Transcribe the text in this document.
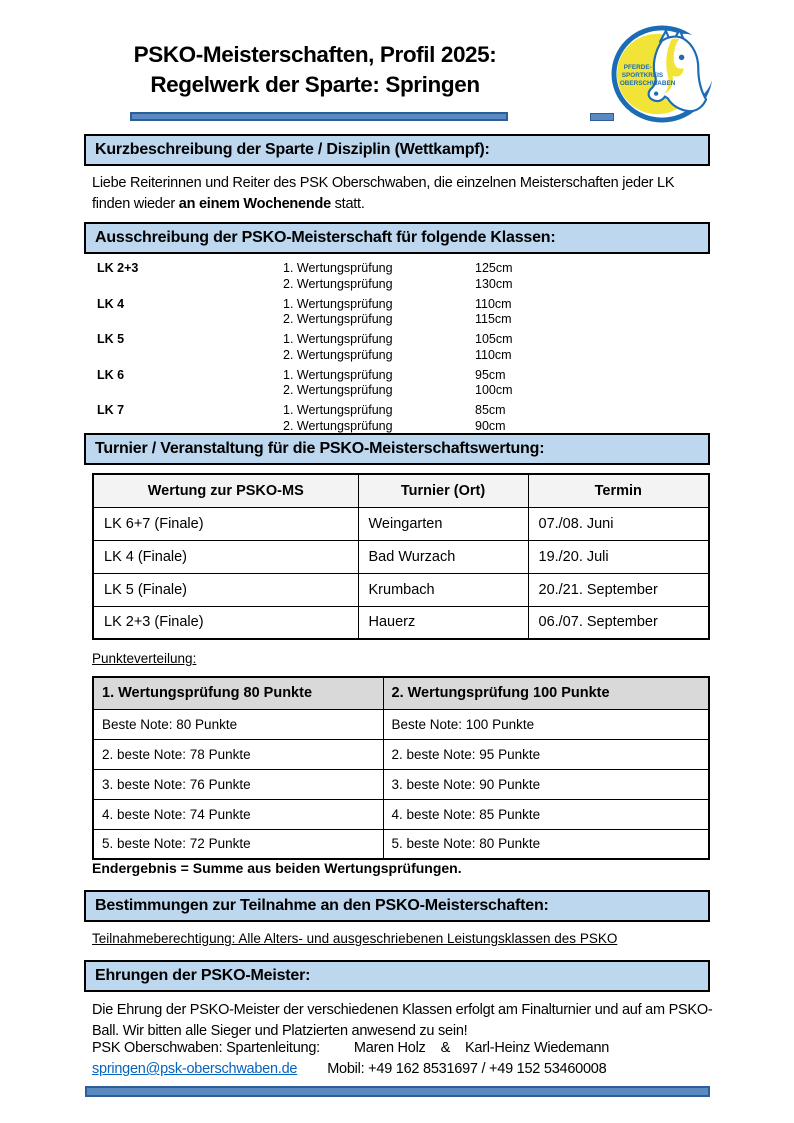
PSKO-Meisterschaften, Profil 2025:
Regelwerk der Sparte: Springen
PFERDE-
SPORTKREIS
OBERSCHWABEN
Kurzbeschreibung der Sparte / Disziplin (Wettkampf):
Liebe Reiterinnen und Reiter des PSK Oberschwaben, die einzelnen Meisterschaften jeder LK finden wieder an einem Wochenende statt.
Ausschreibung der PSKO-Meisterschaft für folgende Klassen:
LK 2+3	1. Wertungsprüfung	125cm
2. Wertungsprüfung	130cm
LK 4	1. Wertungsprüfung	110cm
2. Wertungsprüfung	115cm
LK 5	1. Wertungsprüfung	105cm
2. Wertungsprüfung	110cm
LK 6	1. Wertungsprüfung	95cm
2. Wertungsprüfung	100cm
LK 7	1. Wertungsprüfung	85cm
2. Wertungsprüfung	90cm
Turnier / Veranstaltung für die PSKO-Meisterschaftswertung:
Wertung zur PSKO-MS	Turnier (Ort)	Termin
LK 6+7 (Finale)	Weingarten	07./08. Juni
LK 4 (Finale)	Bad Wurzach	19./20. Juli
LK 5 (Finale)	Krumbach	20./21. September
LK 2+3 (Finale)	Hauerz	06./07. September
Punkteverteilung:
1. Wertungsprüfung 80 Punkte	2. Wertungsprüfung 100 Punkte
Beste Note: 80 Punkte	Beste Note: 100 Punkte
2. beste Note: 78 Punkte	2. beste Note: 95 Punkte
3. beste Note: 76 Punkte	3. beste Note: 90 Punkte
4. beste Note: 74 Punkte	4. beste Note: 85 Punkte
5. beste Note: 72 Punkte	5. beste Note: 80 Punkte
Endergebnis = Summe aus beiden Wertungsprüfungen.
Bestimmungen zur Teilnahme an den PSKO-Meisterschaften:
Teilnahmeberechtigung: Alle Alters- und ausgeschriebenen Leistungsklassen des PSKO
Ehrungen der PSKO-Meister:
Die Ehrung der PSKO-Meister der verschiedenen Klassen erfolgt am Finalturnier und auf am PSKO-Ball. Wir bitten alle Sieger und Platzierten anwesend zu sein!
PSK Oberschwaben: Spartenleitung: Maren Holz & Karl-Heinz Wiedemann
springen@psk-oberschwaben.de Mobil: +49 162 8531697 / +49 152 53460008
